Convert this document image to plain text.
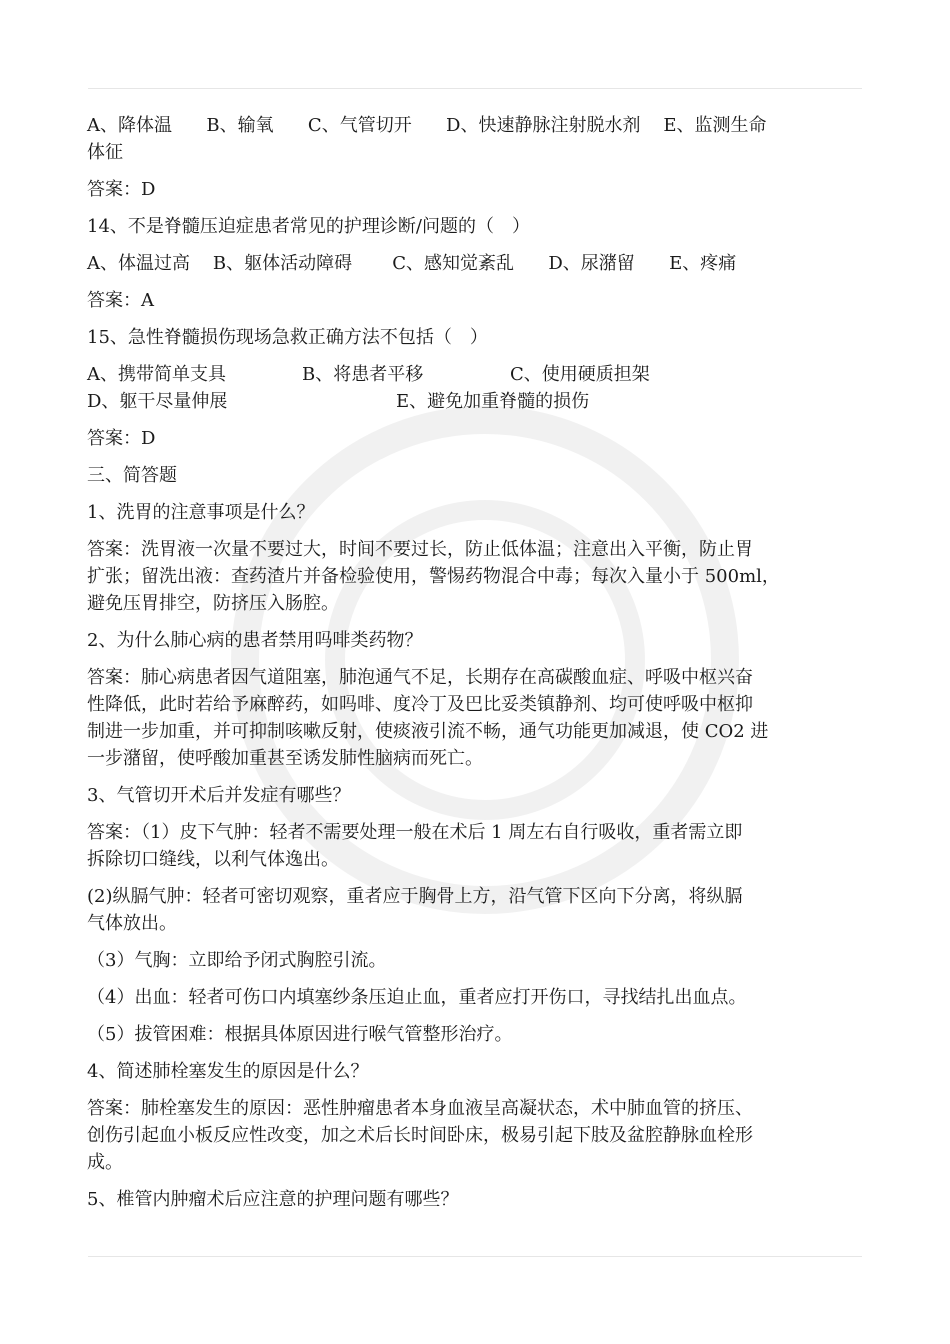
A、降体温 B、输氧 C、气管切开 D、快速静脉注射脱水剂 E、监测生命
体征
答案：D
14、不是脊髓压迫症患者常见的护理诊断/问题的（　）
A、体温过高 B、躯体活动障碍 C、感知觉紊乱 D、尿潴留 E、疼痛
答案：A
15、急性脊髓损伤现场急救正确方法不包括（　）
A、携带简单支具	B、将患者平移	C、使用硬质担架
D、躯干尽量伸展	E、避免加重脊髓的损伤
答案：D
三、简答题
1、洗胃的注意事项是什么？
答案：洗胃液一次量不要过大，时间不要过长，防止低体温；注意出入平衡，防止胃
扩张；留洗出液：查药渣片并备检验使用，警惕药物混合中毒；每次入量小于 500ml，
避免压胃排空，防挤压入肠腔。
2、为什么肺心病的患者禁用吗啡类药物？
答案：肺心病患者因气道阻塞，肺泡通气不足，长期存在高碳酸血症、呼吸中枢兴奋
性降低，此时若给予麻醉药，如吗啡、度冷丁及巴比妥类镇静剂、均可使呼吸中枢抑
制进一步加重，并可抑制咳嗽反射，使痰液引流不畅，通气功能更加减退，使 CO2 进
一步潴留，使呼酸加重甚至诱发肺性脑病而死亡。
3、气管切开术后并发症有哪些？
答案：（1）皮下气肿：轻者不需要处理一般在术后 1 周左右自行吸收，重者需立即
拆除切口缝线，以利气体逸出。
(2)纵膈气肿：轻者可密切观察，重者应于胸骨上方，沿气管下区向下分离，将纵膈
气体放出。
（3）气胸：立即给予闭式胸腔引流。
（4）出血：轻者可伤口内填塞纱条压迫止血，重者应打开伤口，寻找结扎出血点。
（5）拔管困难：根据具体原因进行喉气管整形治疗。
4、简述肺栓塞发生的原因是什么？
答案：肺栓塞发生的原因：恶性肿瘤患者本身血液呈高凝状态，术中肺血管的挤压、
创伤引起血小板反应性改变，加之术后长时间卧床，极易引起下肢及盆腔静脉血栓形
成。
5、椎管内肿瘤术后应注意的护理问题有哪些？
